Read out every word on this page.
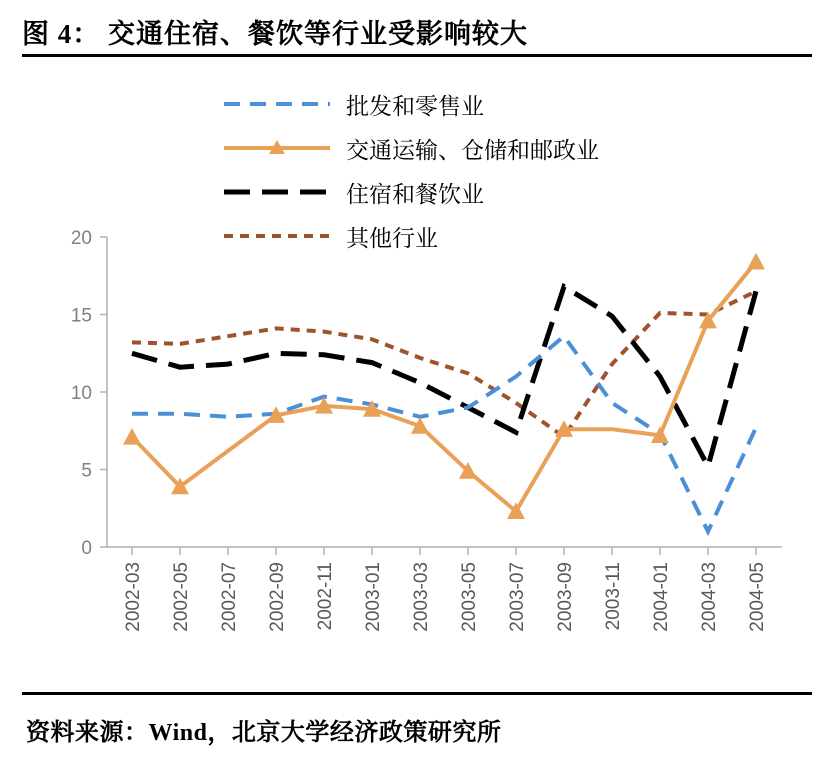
图 4： 交通住宿、餐饮等行业受影响较大
20
15
10
5
0
2002-03 2002-05 2002-07 2002-09 2002-11 2003-01 2003-03 2003-05 2003-07 2003-09 2003-11 2004-01 2004-03 2004-05
批发和零售业
交通运输、仓储和邮政业
住宿和餐饮业
其他行业
资料来源：Wind，北京大学经济政策研究所
